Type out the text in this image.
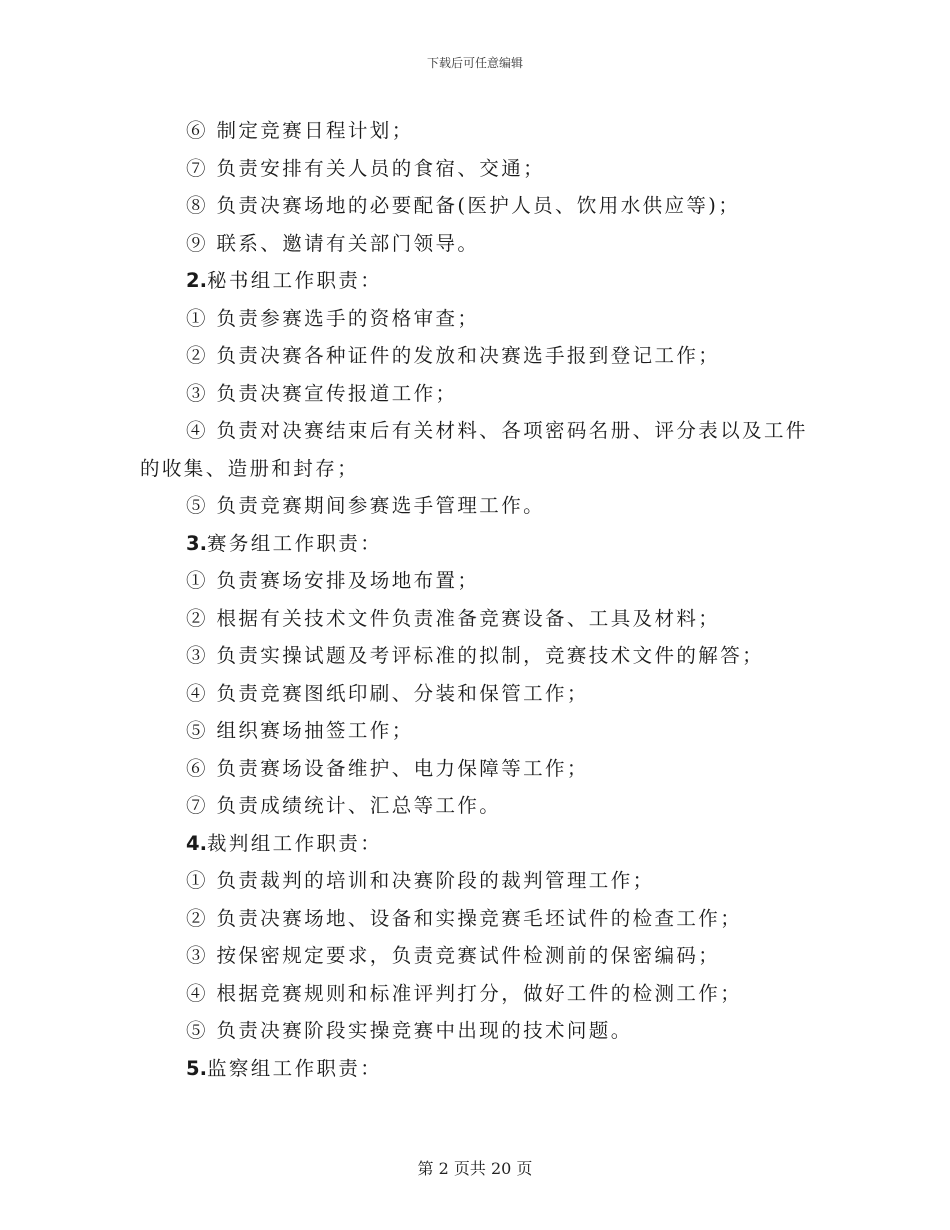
下载后可任意编辑
⑥ 制定竞赛日程计划；
⑦ 负责安排有关人员的食宿、交通；
⑧ 负责决赛场地的必要配备(医护人员、饮用水供应等)；
⑨ 联系、邀请有关部门领导。
2.秘书组工作职责：
① 负责参赛选手的资格审查；
② 负责决赛各种证件的发放和决赛选手报到登记工作；
③ 负责决赛宣传报道工作；
④ 负责对决赛结束后有关材料、各项密码名册、评分表以及工件的收集、造册和封存；
⑤ 负责竞赛期间参赛选手管理工作。
3.赛务组工作职责：
① 负责赛场安排及场地布置；
② 根据有关技术文件负责准备竞赛设备、工具及材料；
③ 负责实操试题及考评标准的拟制，竞赛技术文件的解答；
④ 负责竞赛图纸印刷、分装和保管工作；
⑤ 组织赛场抽签工作；
⑥ 负责赛场设备维护、电力保障等工作；
⑦ 负责成绩统计、汇总等工作。
4.裁判组工作职责：
① 负责裁判的培训和决赛阶段的裁判管理工作；
② 负责决赛场地、设备和实操竞赛毛坯试件的检查工作；
③ 按保密规定要求，负责竞赛试件检测前的保密编码；
④ 根据竞赛规则和标准评判打分，做好工件的检测工作；
⑤ 负责决赛阶段实操竞赛中出现的技术问题。
5.监察组工作职责：
第 2 页共 20 页
